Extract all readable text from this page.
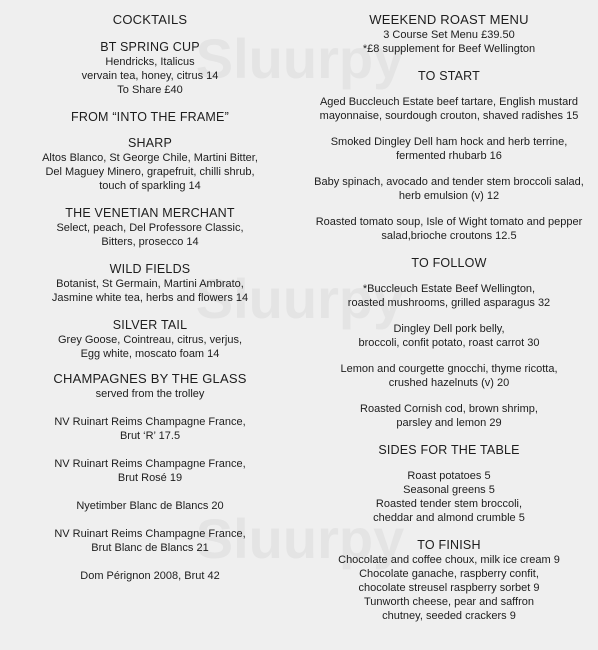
Sluurpy
Sluurpy
Sluurpy
COCKTAILS
BT SPRING CUP
Hendricks, Italicus
vervain tea, honey, citrus 14
To Share £40
FROM “INTO THE FRAME”
SHARP
Altos Blanco, St George Chile, Martini Bitter,
Del Maguey Minero, grapefruit, chilli shrub,
touch of sparkling 14
THE VENETIAN MERCHANT
Select, peach, Del Professore Classic,
Bitters, prosecco 14
WILD FIELDS
Botanist, St Germain, Martini Ambrato,
Jasmine white tea, herbs and flowers 14
SILVER TAIL
Grey Goose, Cointreau, citrus, verjus,
Egg white, moscato foam 14
CHAMPAGNES BY THE GLASS
served from the trolley
NV Ruinart Reims Champagne France,
Brut ‘R’ 17.5
NV Ruinart Reims Champagne France,
Brut Rosé 19
Nyetimber Blanc de Blancs 20
NV Ruinart Reims Champagne France,
Brut Blanc de Blancs 21
Dom Pérignon 2008, Brut 42
WEEKEND ROAST MENU
3 Course Set Menu £39.50
*£8 supplement for Beef Wellington
TO START
Aged Buccleuch Estate beef tartare, English mustard
mayonnaise, sourdough crouton, shaved radishes 15
Smoked Dingley Dell ham hock and herb terrine,
fermented rhubarb 16
Baby spinach, avocado and tender stem broccoli salad,
herb emulsion (v) 12
Roasted tomato soup, Isle of Wight tomato and pepper
salad,brioche croutons 12.5
TO FOLLOW
*Buccleuch Estate Beef Wellington,
roasted mushrooms, grilled asparagus 32
Dingley Dell pork belly,
broccoli, confit potato, roast carrot 30
Lemon and courgette gnocchi, thyme ricotta,
crushed hazelnuts (v) 20
Roasted Cornish cod, brown shrimp,
parsley and lemon 29
SIDES FOR THE TABLE
Roast potatoes 5
Seasonal greens 5
Roasted tender stem broccoli,
cheddar and almond crumble 5
TO FINISH
Chocolate and coffee choux, milk ice cream 9
Chocolate ganache, raspberry confit,
chocolate streusel raspberry sorbet 9
Tunworth cheese, pear and saffron
chutney, seeded crackers 9
